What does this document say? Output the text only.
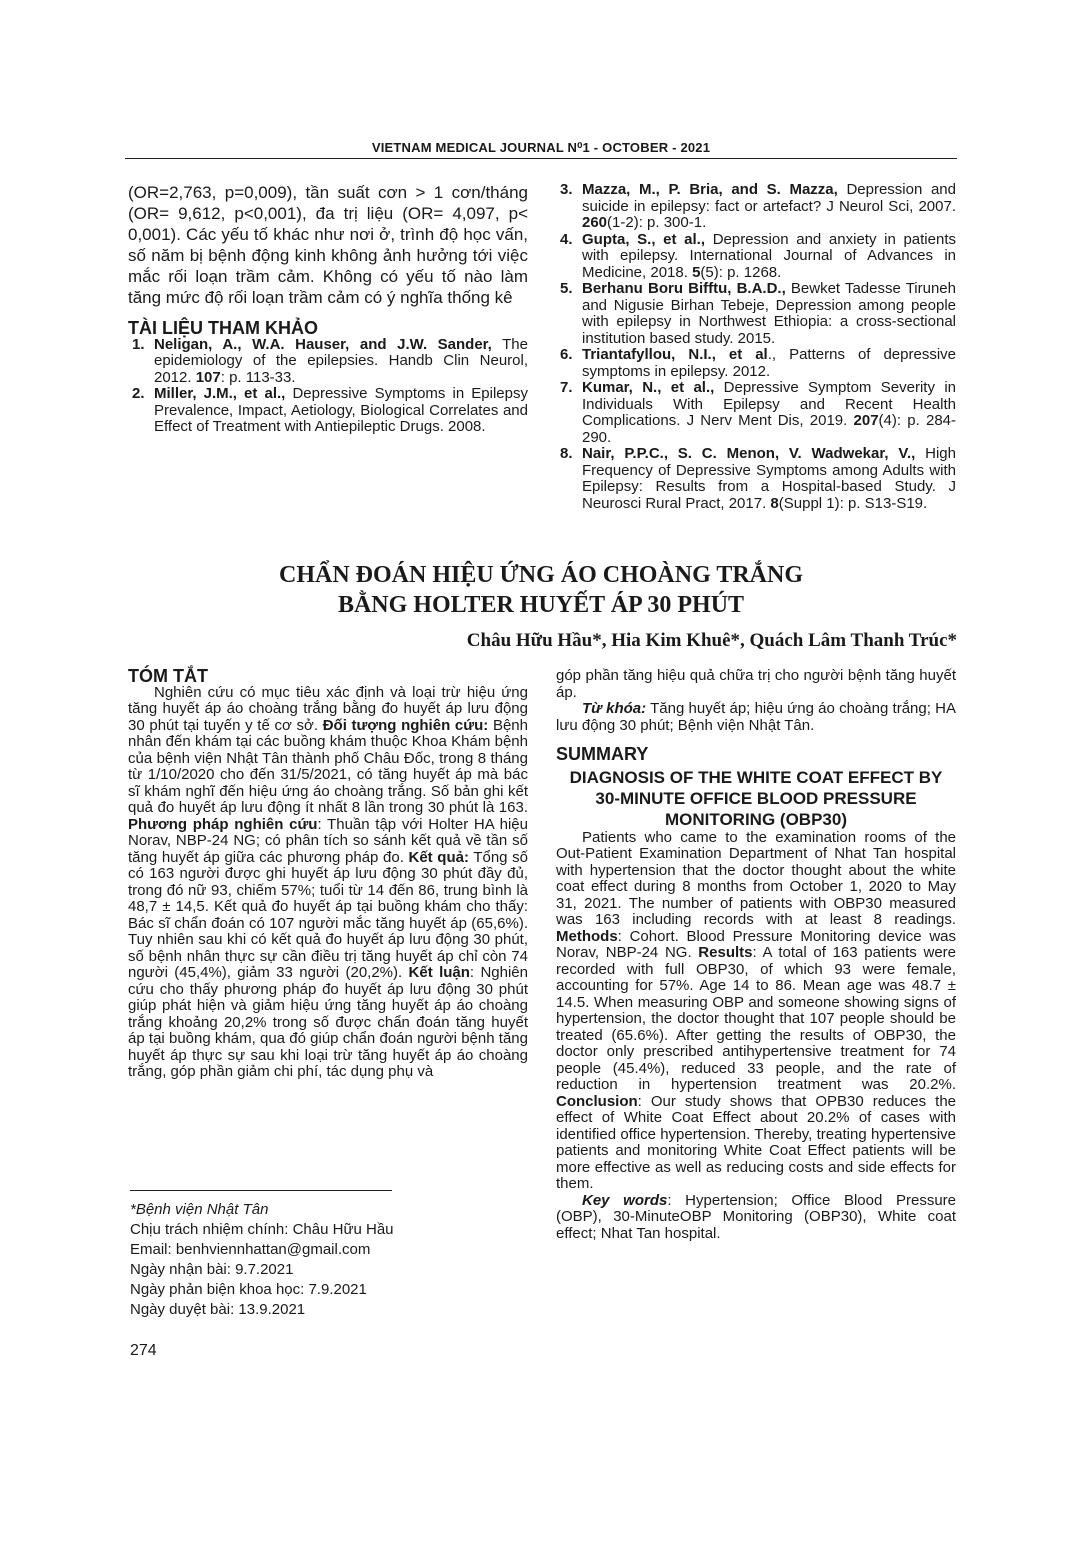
VIETNAM MEDICAL JOURNAL N⁰1 - OCTOBER - 2021

(OR=2,763, p=0,009), tần suất cơn > 1 cơn/tháng (OR= 9,612, p<0,001), đa trị liệu (OR= 4,097, p< 0,001). Các yếu tố khác như nơi ở, trình độ học vấn, số năm bị bệnh động kinh không ảnh hưởng tới việc mắc rối loạn trầm cảm. Không có yếu tố nào làm tăng mức độ rối loạn trầm cảm có ý nghĩa thống kê

TÀI LIỆU THAM KHẢO

1. Neligan, A., W.A. Hauser, and J.W. Sander, The epidemiology of the epilepsies. Handb Clin Neurol, 2012. 107: p. 113-33.
2. Miller, J.M., et al., Depressive Symptoms in Epilepsy Prevalence, Impact, Aetiology, Biological Correlates and Effect of Treatment with Antiepileptic Drugs. 2008.
3. Mazza, M., P. Bria, and S. Mazza, Depression and suicide in epilepsy: fact or artefact? J Neurol Sci, 2007. 260(1-2): p. 300-1.
4. Gupta, S., et al., Depression and anxiety in patients with epilepsy. International Journal of Advances in Medicine, 2018. 5(5): p. 1268.
5. Berhanu Boru Bifftu, B.A.D., Bewket Tadesse Tiruneh and Nigusie Birhan Tebeje, Depression among people with epilepsy in Northwest Ethiopia: a cross-sectional institution based study. 2015.
6. Triantafyllou, N.I., et al., Patterns of depressive symptoms in epilepsy. 2012.
7. Kumar, N., et al., Depressive Symptom Severity in Individuals With Epilepsy and Recent Health Complications. J Nerv Ment Dis, 2019. 207(4): p. 284-290.
8. Nair, P.P.C., S. C. Menon, V. Wadwekar, V., High Frequency of Depressive Symptoms among Adults with Epilepsy: Results from a Hospital-based Study. J Neurosci Rural Pract, 2017. 8(Suppl 1): p. S13-S19.
CHẨN ĐOÁN HIỆU ỨNG ÁO CHOÀNG TRẮNG
BẰNG HOLTER HUYẾT ÁP 30 PHÚT
Châu Hữu Hầu*, Hia Kim Khuê*, Quách Lâm Thanh Trúc*

TÓM TẮT

Nghiên cứu có mục tiêu xác định và loại trừ hiệu ứng tăng huyết áp áo choàng trắng bằng đo huyết áp lưu động 30 phút tại tuyến y tế cơ sở. Đối tượng nghiên cứu: Bệnh nhân đến khám tại các buồng khám thuộc Khoa Khám bệnh của bệnh viện Nhật Tân thành phố Châu Đốc, trong 8 tháng từ 1/10/2020 cho đến 31/5/2021, có tăng huyết áp mà bác sĩ khám nghĩ đến hiệu ứng áo choàng trắng. Số bản ghi kết quả đo huyết áp lưu động ít nhất 8 lần trong 30 phút là 163. Phương pháp nghiên cứu: Thuần tập với Holter HA hiệu Norav, NBP-24 NG; có phân tích so sánh kết quả về tần số tăng huyết áp giữa các phương pháp đo. Kết quả: Tổng số có 163 người được ghi huyết áp lưu động 30 phút đầy đủ, trong đó nữ 93, chiếm 57%; tuổi từ 14 đến 86, trung bình là 48,7 ± 14,5. Kết quả đo huyết áp tại buồng khám cho thấy: Bác sĩ chẩn đoán có 107 người mắc tăng huyết áp (65,6%). Tuy nhiên sau khi có kết quả đo huyết áp lưu động 30 phút, số bệnh nhân thực sự cần điều trị tăng huyết áp chỉ còn 74 người (45,4%), giảm 33 người (20,2%). Kết luận: Nghiên cứu cho thấy phương pháp đo huyết áp lưu động 30 phút giúp phát hiện và giảm hiệu ứng tăng huyết áp áo choàng trắng khoảng 20,2% trong số được chẩn đoán tăng huyết áp tại buồng khám, qua đó giúp chẩn đoán người bệnh tăng huyết áp thực sự sau khi loại trừ tăng huyết áp áo choàng trắng, góp phần giảm chi phí, tác dụng phụ và

góp phần tăng hiệu quả chữa trị cho người bệnh tăng huyết áp.

Từ khóa: Tăng huyết áp; hiệu ứng áo choàng trắng; HA lưu động 30 phút; Bệnh viện Nhật Tân.

SUMMARY

DIAGNOSIS OF THE WHITE COAT EFFECT BY 30-MINUTE OFFICE BLOOD PRESSURE MONITORING (OBP30)

Patients who came to the examination rooms of the Out-Patient Examination Department of Nhat Tan hospital with hypertension that the doctor thought about the white coat effect during 8 months from October 1, 2020 to May 31, 2021. The number of patients with OBP30 measured was 163 including records with at least 8 readings. Methods: Cohort. Blood Pressure Monitoring device was Norav, NBP-24 NG. Results: A total of 163 patients were recorded with full OBP30, of which 93 were female, accounting for 57%. Age 14 to 86. Mean age was 48.7 ± 14.5. When measuring OBP and someone showing signs of hypertension, the doctor thought that 107 people should be treated (65.6%). After getting the results of OBP30, the doctor only prescribed antihypertensive treatment for 74 people (45.4%), reduced 33 people, and the rate of reduction in hypertension treatment was 20.2%. Conclusion: Our study shows that OPB30 reduces the effect of White Coat Effect about 20.2% of cases with identified office hypertension. Thereby, treating hypertensive patients and monitoring White Coat Effect patients will be more effective as well as reducing costs and side effects for them.

Key words: Hypertension; Office Blood Pressure (OBP), 30-MinuteOBP Monitoring (OBP30), White coat effect; Nhat Tan hospital.

*Bệnh viện Nhật Tân
Chịu trách nhiệm chính: Châu Hữu Hầu
Email: benhviennhattan@gmail.com
Ngày nhận bài: 9.7.2021
Ngày phản biện khoa học: 7.9.2021
Ngày duyệt bài: 13.9.2021
274
